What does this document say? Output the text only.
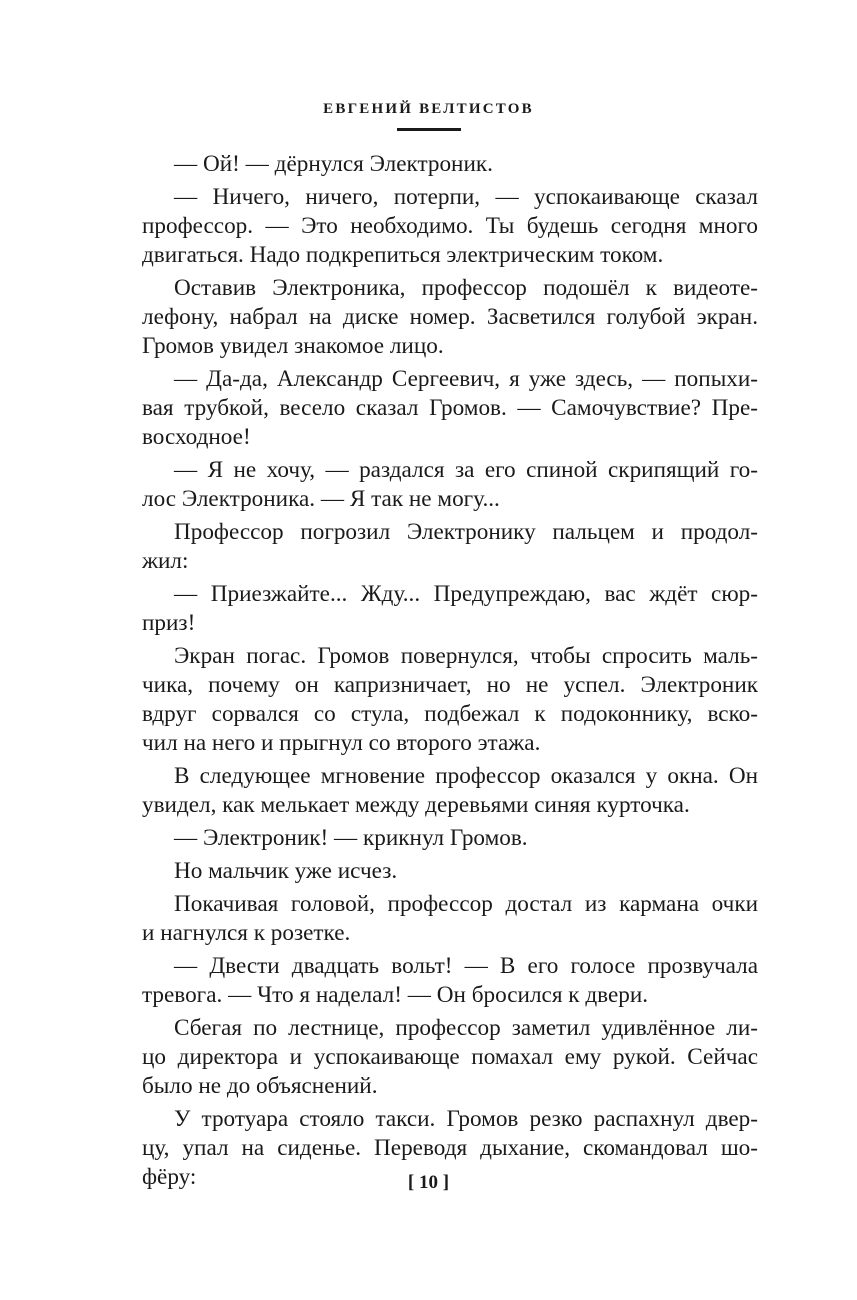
ЕВГЕНИЙ ВЕЛТИСТОВ
— Ой! — дёрнулся Электроник.
— Ничего, ничего, потерпи, — успокаивающе сказал
профессор. — Это необходимо. Ты будешь сегодня много
двигаться. Надо подкрепиться электрическим током.
Оставив Электроника, профессор подошёл к видеоте-
лефону, набрал на диске номер. Засветился голубой экран.
Громов увидел знакомое лицо.
— Да-да, Александр Сергеевич, я уже здесь, — попыхи-
вая трубкой, весело сказал Громов. — Самочувствие? Пре-
восходное!
— Я не хочу, — раздался за его спиной скрипящий го-
лос Электроника. — Я так не могу...
Профессор погрозил Электронику пальцем и продол-
жил:
— Приезжайте... Жду... Предупреждаю, вас ждёт сюр-
приз!
Экран погас. Громов повернулся, чтобы спросить маль-
чика, почему он капризничает, но не успел. Электроник
вдруг сорвался со стула, подбежал к подоконнику, вско-
чил на него и прыгнул со второго этажа.
В следующее мгновение профессор оказался у окна. Он
увидел, как мелькает между деревьями синяя курточка.
— Электроник! — крикнул Громов.
Но мальчик уже исчез.
Покачивая головой, профессор достал из кармана очки
и нагнулся к розетке.
— Двести двадцать вольт! — В его голосе прозвучала
тревога. — Что я наделал! — Он бросился к двери.
Сбегая по лестнице, профессор заметил удивлённое ли-
цо директора и успокаивающе помахал ему рукой. Сейчас
было не до объяснений.
У тротуара стояло такси. Громов резко распахнул двер-
цу, упал на сиденье. Переводя дыхание, скомандовал шо-
фёру:	[ 10 ]
